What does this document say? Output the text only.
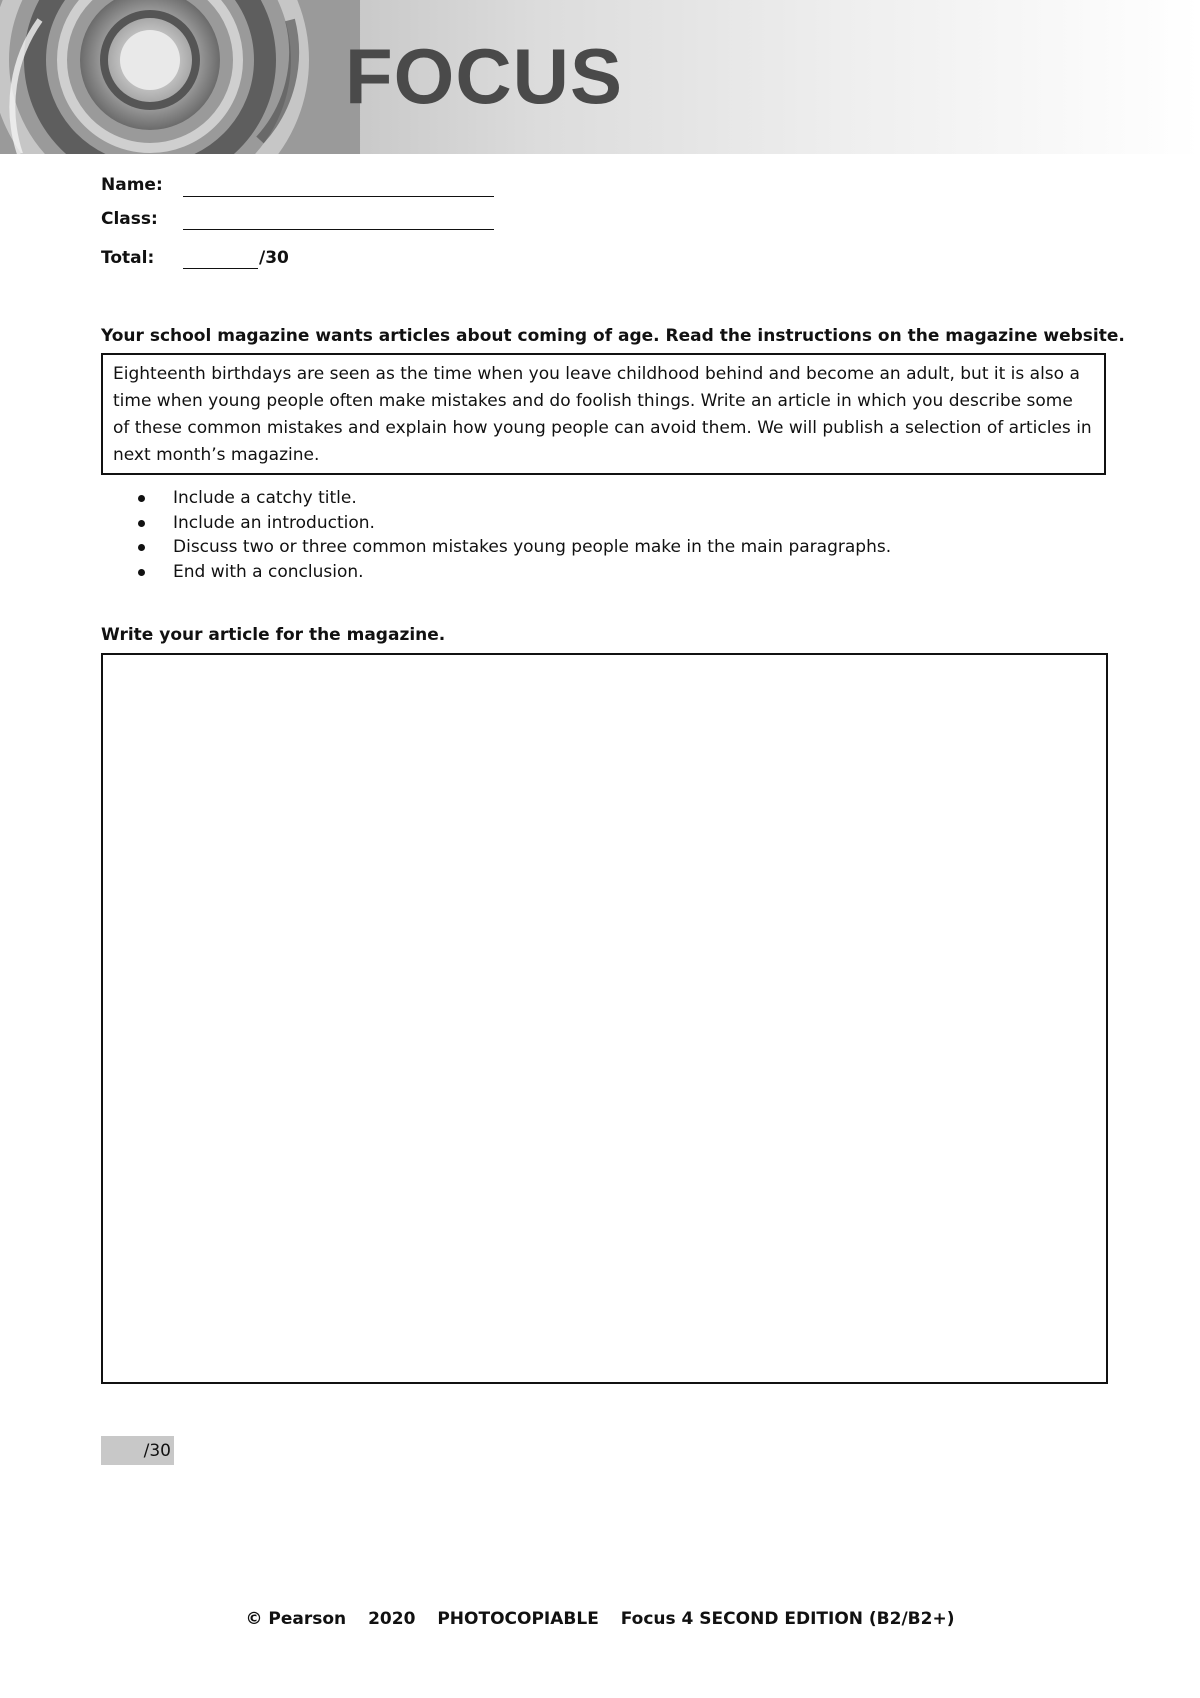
FOCUS
Name:
Class:
Total:	/30
Your school magazine wants articles about coming of age. Read the instructions on the magazine website.
Eighteenth birthdays are seen as the time when you leave childhood behind and become an adult, but it is also a time when young people often make mistakes and do foolish things. Write an article in which you describe some of these common mistakes and explain how young people can avoid them. We will publish a selection of articles in next month’s magazine.
Include a catchy title.
Include an introduction.
Discuss two or three common mistakes young people make in the main paragraphs.
End with a conclusion.
Write your article for the magazine.
/30
© Pearson 2020 PHOTOCOPIABLE Focus 4 SECOND EDITION (B2/B2+)
